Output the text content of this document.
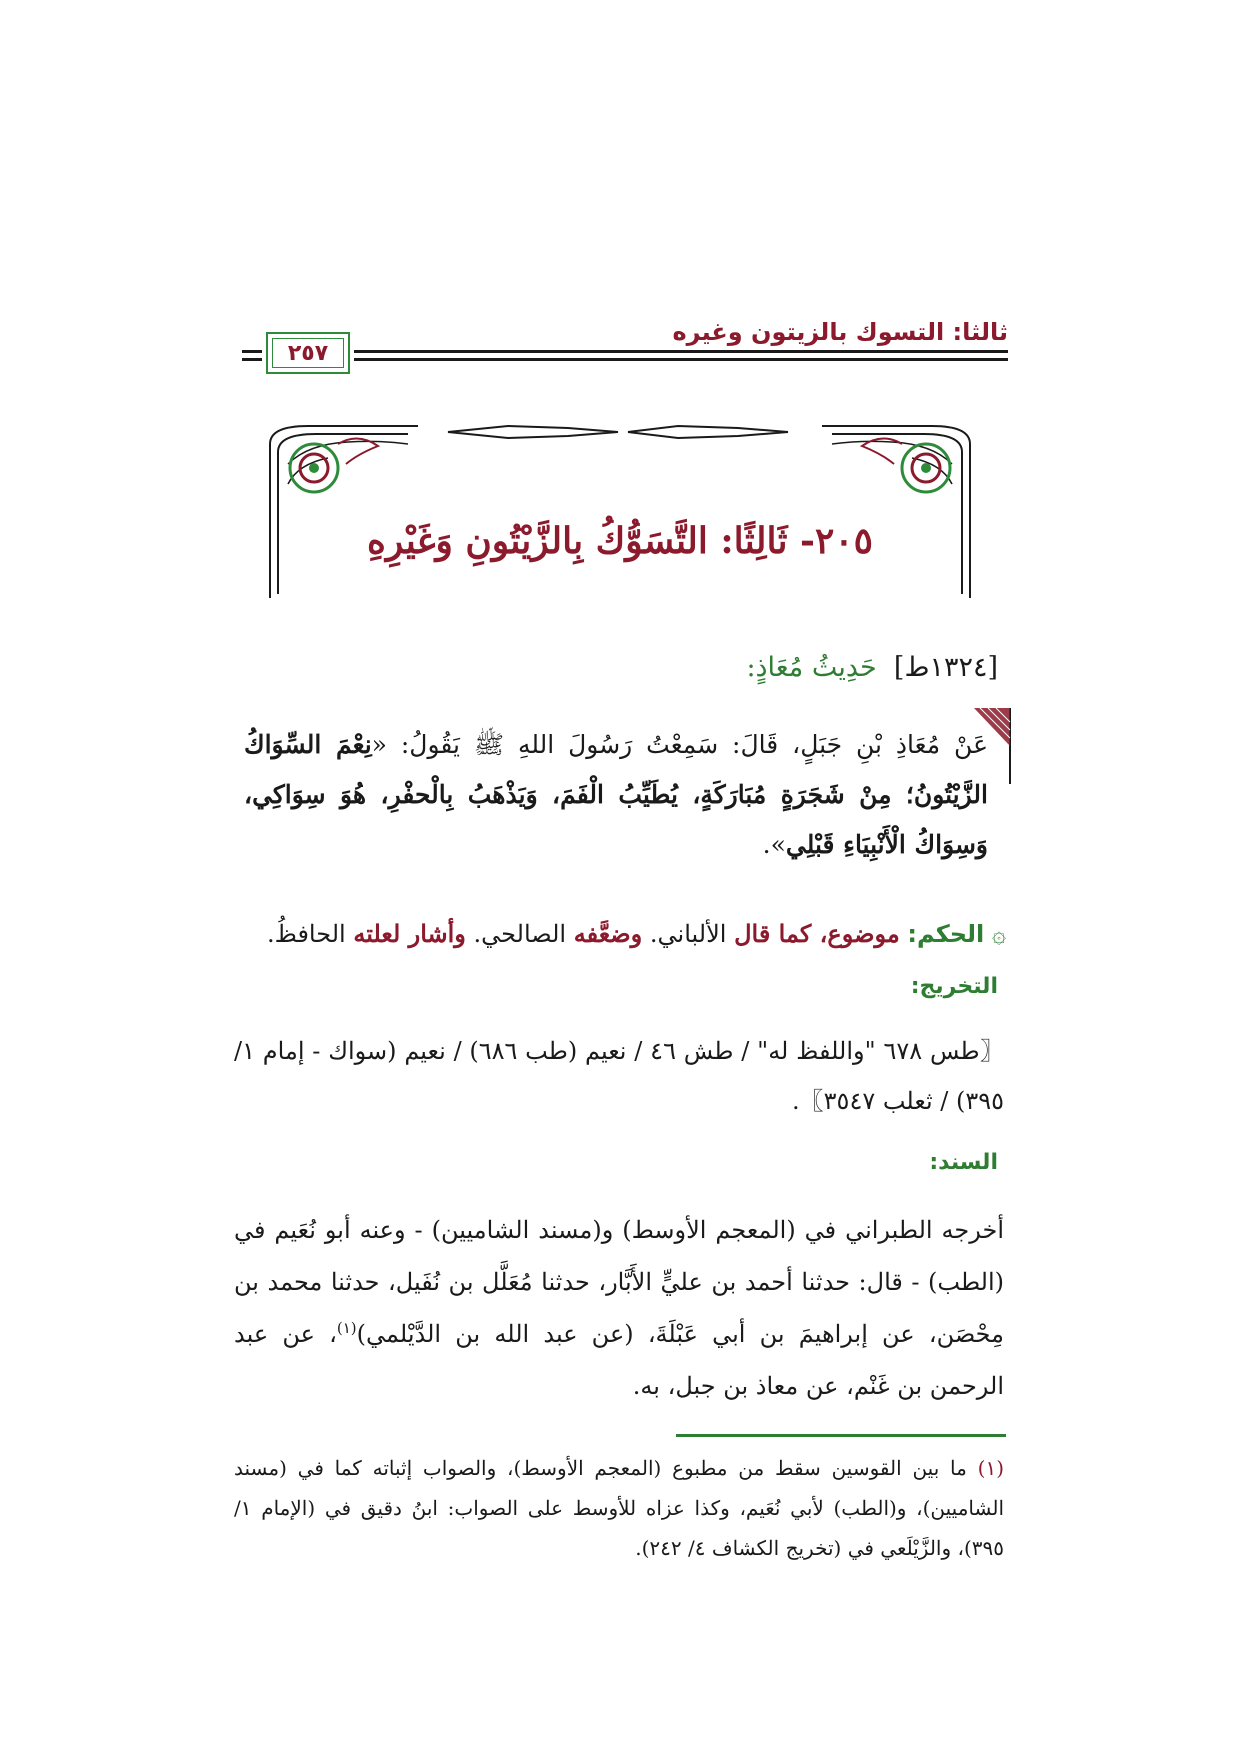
ثالثا: التسوك بالزيتون وغيره
٢٥٧
٢٠٥- ثَالِثًا: التَّسَوُّكُ بِالزَّيْتُونِ وَغَيْرِهِ
[١٣٢٤ط]  حَدِيثُ مُعَاذٍ:
عَنْ مُعَاذِ بْنِ جَبَلٍ، قَالَ: سَمِعْتُ رَسُولَ اللهِ ﷺ يَقُولُ: «نِعْمَ السِّوَاكُ الزَّيْتُونُ؛ مِنْ شَجَرَةٍ مُبَارَكَةٍ، يُطَيِّبُ الْفَمَ، وَيَذْهَبُ بِالْحفْرِ، هُوَ سِوَاكِي، وَسِوَاكُ الْأَنْبِيَاءِ قَبْلِي».
۞ الحكم: موضوع، كما قال الألباني. وضعَّفه الصالحي. وأشار لعلته الحافظُ.
التخريج:
〖طس ٦٧٨ "واللفظ له" / طش ٤٦ / نعيم (طب ٦٨٦) / نعيم (سواك - إمام ١/ ٣٩٥) / ثعلب ٣٥٤٧〗.
السند:
أخرجه الطبراني في (المعجم الأوسط) و(مسند الشاميين) - وعنه أبو نُعَيم في (الطب) - قال: حدثنا أحمد بن عليٍّ الأَبَّار، حدثنا مُعَلَّل بن نُفَيل، حدثنا محمد بن مِحْصَن، عن إبراهيمَ بن أبي عَبْلَةَ، (عن عبد الله بن الدَّيْلمي)$^{(١)}$، عن عبد الرحمن بن غَنْم، عن معاذ بن جبل، به.
(١) ما بين القوسين سقط من مطبوع (المعجم الأوسط)، والصواب إثباته كما في (مسند الشاميين)، و(الطب) لأبي نُعَيم، وكذا عزاه للأوسط على الصواب: ابنُ دقيق في (الإمام ١/ ٣٩٥)، والزَّيْلَعي في (تخريج الكشاف ٤/ ٢٤٢).
